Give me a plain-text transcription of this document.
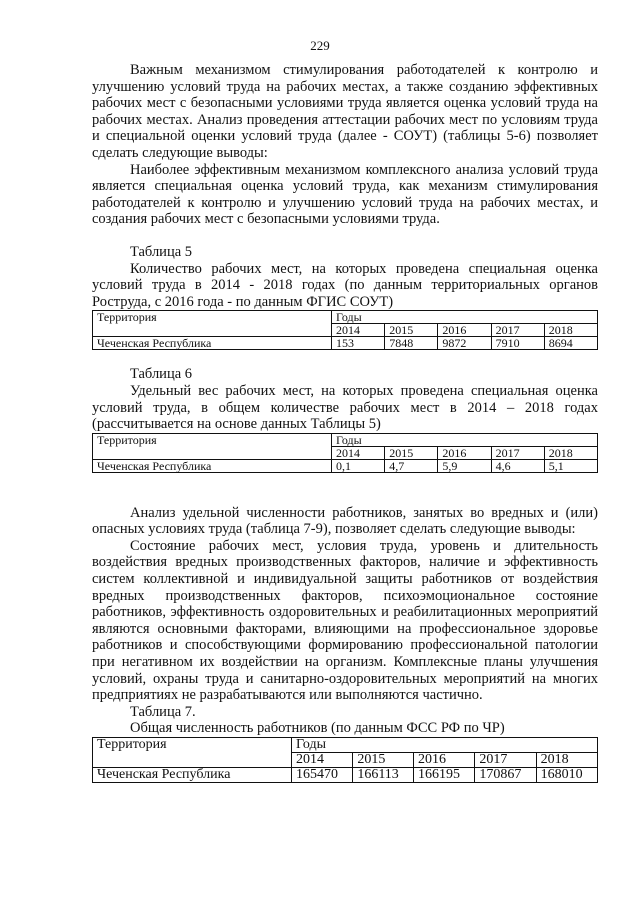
229

Важным механизмом стимулирования работодателей к контролю и улучшению условий труда на рабочих местах, а также созданию эффективных рабочих мест с безопасными условиями труда является оценка условий труда на рабочих местах. Анализ проведения аттестации рабочих мест по условиям труда и специальной оценки условий труда (далее - СОУТ) (таблицы 5-6) позволяет сделать следующие выводы:

Наиболее эффективным механизмом комплексного анализа условий труда является специальная оценка условий труда, как механизм стимулирования работодателей к контролю и улучшению условий труда на рабочих местах, и создания рабочих мест с безопасными условиями труда.

Таблица 5

Количество рабочих мест, на которых проведена специальная оценка условий труда в 2014 - 2018 годах (по данным территориальных органов Роструда, с 2016 года - по данным ФГИС СОУТ)

Территория	Годы				
	2014	2015	2016	2017	2018
Чеченская Республика	153	7848	9872	7910	8694
Таблица 6

Удельный вес рабочих мест, на которых проведена специальная оценка условий труда, в общем количестве рабочих мест в 2014 – 2018 годах (рассчитывается на основе данных Таблицы 5)

Территория	Годы				
	2014	2015	2016	2017	2018
Чеченская Республика	0,1	4,7	5,9	4,6	5,1

Анализ удельной численности работников, занятых во вредных и (или) опасных условиях труда (таблица 7-9), позволяет сделать следующие выводы:

Состояние рабочих мест, условия труда, уровень и длительность воздействия вредных производственных факторов, наличие и эффективность систем коллективной и индивидуальной защиты работников от воздействия вредных производственных факторов, психоэмоциональное состояние работников, эффективность оздоровительных и реабилитационных мероприятий являются основными факторами, влияющими на профессиональное здоровье работников и способствующими формированию профессиональной патологии при негативном их воздействии на организм. Комплексные планы улучшения условий, охраны труда и санитарно-оздоровительных мероприятий на многих предприятиях не разрабатываются или выполняются частично.

Таблица 7.
Общая численность работников (по данным ФСС РФ по ЧР)
Территория	Годы				
	2014	2015	2016	2017	2018
Чеченская Республика	165470	166113	166195	170867	168010
